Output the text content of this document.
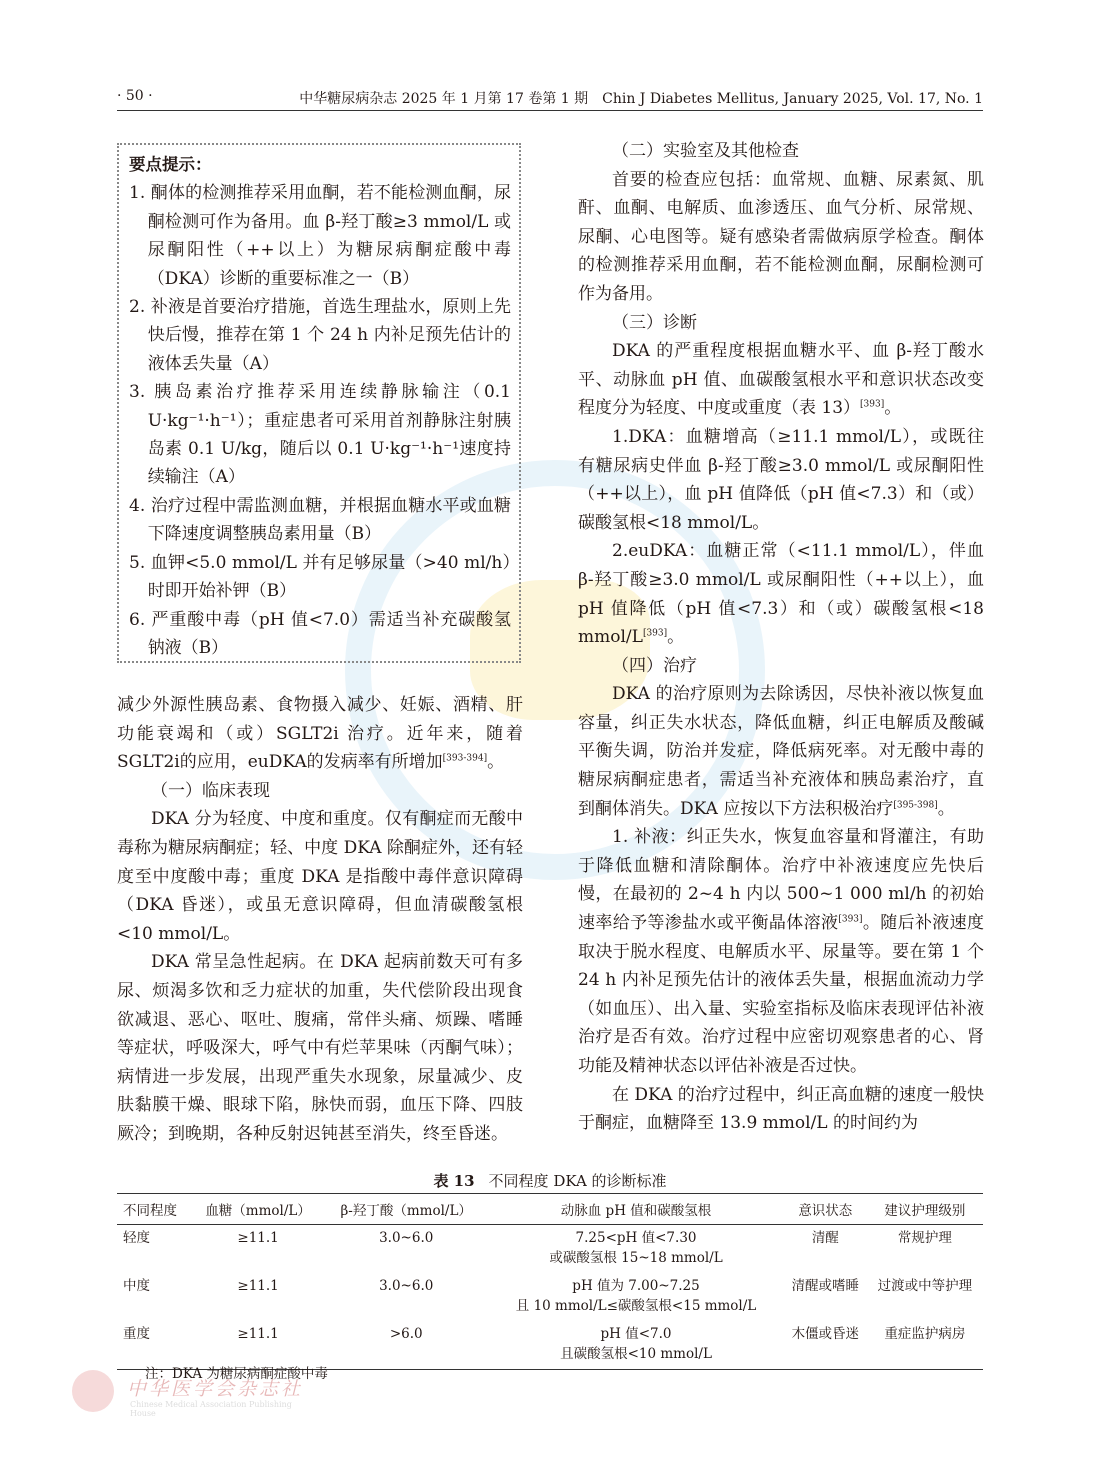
· 50 ·	中华糖尿病杂志 2025 年 1 月第 17 卷第 1 期　Chin J Diabetes Mellitus, January 2025, Vol. 17, No. 1
要点提示：
1. 酮体的检测推荐采用血酮，若不能检测血酮，尿酮检测可作为备用。血 β-羟丁酸≥3 mmol/L 或尿酮阳性（++以上）为糖尿病酮症酸中毒（DKA）诊断的重要标准之一（B）
2. 补液是首要治疗措施，首选生理盐水，原则上先快后慢，推荐在第 1 个 24 h 内补足预先估计的液体丢失量（A）
3. 胰岛素治疗推荐采用连续静脉输注（0.1 U·kg⁻¹·h⁻¹）；重症患者可采用首剂静脉注射胰岛素 0.1 U/kg，随后以 0.1 U·kg⁻¹·h⁻¹速度持续输注（A）
4. 治疗过程中需监测血糖，并根据血糖水平或血糖下降速度调整胰岛素用量（B）
5. 血钾<5.0 mmol/L 并有足够尿量（>40 ml/h）时即开始补钾（B）
6. 严重酸中毒（pH 值<7.0）需适当补充碳酸氢钠液（B）

减少外源性胰岛素、食物摄入减少、妊娠、酒精、肝功能衰竭和（或）SGLT2i 治疗。近年来，随着SGLT2i的应用，euDKA的发病率有所增加[393-394]。

（一）临床表现

DKA 分为轻度、中度和重度。仅有酮症而无酸中毒称为糖尿病酮症；轻、中度 DKA 除酮症外，还有轻度至中度酸中毒；重度 DKA 是指酸中毒伴意识障碍（DKA 昏迷），或虽无意识障碍，但血清碳酸氢根<10 mmol/L。

DKA 常呈急性起病。在 DKA 起病前数天可有多尿、烦渴多饮和乏力症状的加重，失代偿阶段出现食欲减退、恶心、呕吐、腹痛，常伴头痛、烦躁、嗜睡等症状，呼吸深大，呼气中有烂苹果味（丙酮气味）；病情进一步发展，出现严重失水现象，尿量减少、皮肤黏膜干燥、眼球下陷，脉快而弱，血压下降、四肢厥冷；到晚期，各种反射迟钝甚至消失，终至昏迷。

（二）实验室及其他检查

首要的检查应包括：血常规、血糖、尿素氮、肌酐、血酮、电解质、血渗透压、血气分析、尿常规、尿酮、心电图等。疑有感染者需做病原学检查。酮体的检测推荐采用血酮，若不能检测血酮，尿酮检测可作为备用。

（三）诊断

DKA 的严重程度根据血糖水平、血 β-羟丁酸水平、动脉血 pH 值、血碳酸氢根水平和意识状态改变程度分为轻度、中度或重度（表 13）[393]。

1.DKA：血糖增高（≥11.1 mmol/L），或既往有糖尿病史伴血 β-羟丁酸≥3.0 mmol/L 或尿酮阳性（++以上），血 pH 值降低（pH 值<7.3）和（或）碳酸氢根<18 mmol/L。

2.euDKA：血糖正常（<11.1 mmol/L），伴血 β-羟丁酸≥3.0 mmol/L 或尿酮阳性（++以上），血 pH 值降低（pH 值<7.3）和（或）碳酸氢根<18 mmol/L[393]。

（四）治疗

DKA 的治疗原则为去除诱因，尽快补液以恢复血容量，纠正失水状态，降低血糖，纠正电解质及酸碱平衡失调，防治并发症，降低病死率。对无酸中毒的糖尿病酮症患者，需适当补充液体和胰岛素治疗，直到酮体消失。DKA 应按以下方法积极治疗[395-398]。

1. 补液：纠正失水，恢复血容量和肾灌注，有助于降低血糖和清除酮体。治疗中补液速度应先快后慢，在最初的 2~4 h 内以 500~1 000 ml/h 的初始速率给予等渗盐水或平衡晶体溶液[393]。随后补液速度取决于脱水程度、电解质水平、尿量等。要在第 1 个 24 h 内补足预先估计的液体丢失量，根据血流动力学（如血压）、出入量、实验室指标及临床表现评估补液治疗是否有效。治疗过程中应密切观察患者的心、肾功能及精神状态以评估补液是否过快。

在 DKA 的治疗过程中，纠正高血糖的速度一般快于酮症，血糖降至 13.9 mmol/L 的时间约为

表 13 不同程度 DKA 的诊断标准
不同程度	血糖（mmol/L）	β-羟丁酸（mmol/L）	动脉血 pH 值和碳酸氢根	意识状态	建议护理级别
轻度	≥11.1	3.0~6.0	7.25<pH 值<7.30
或碳酸氢根 15~18 mmol/L	清醒	常规护理
中度	≥11.1	3.0~6.0	pH 值为 7.00~7.25
且 10 mmol/L≤碳酸氢根<15 mmol/L	清醒或嗜睡	过渡或中等护理
重度	≥11.1	>6.0	pH 值<7.0
且碳酸氢根<10 mmol/L	木僵或昏迷	重症监护病房
注：DKA 为糖尿病酮症酸中毒
中华医学会杂志社
Chinese Medical Association Publishing House
